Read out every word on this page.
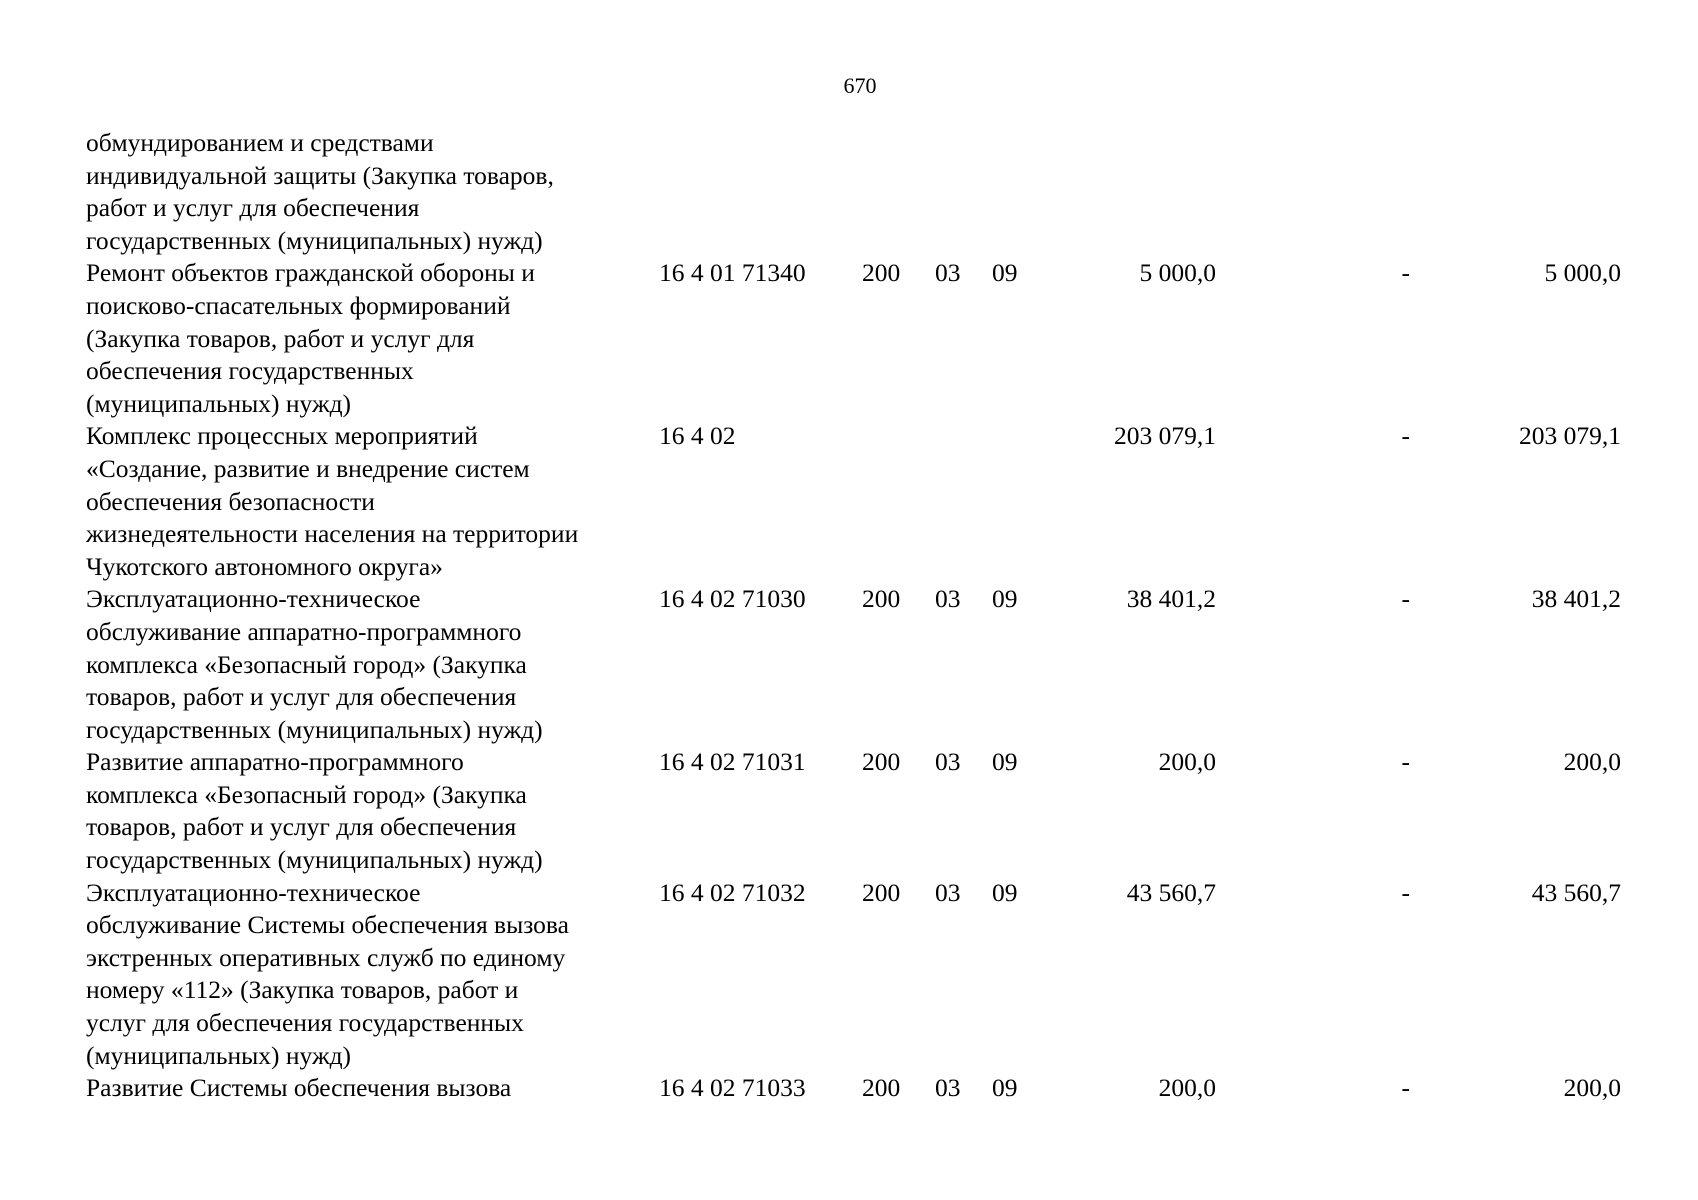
670
обмундированием и средствами
индивидуальной защиты (Закупка товаров,
работ и услуг для обеспечения
государственных (муниципальных) нужд)
Ремонт объектов гражданской обороны и
поисково-спасательных формирований
(Закупка товаров, работ и услуг для
обеспечения государственных
(муниципальных) нужд)
16 4 01 71340 200 03 09	5 000,0	-	5 000,0
Комплекс процессных мероприятий
«Создание, развитие и внедрение систем
обеспечения безопасности
жизнедеятельности населения на территории
Чукотского автономного округа»
16 4 02	203 079,1	-	203 079,1
Эксплуатационно-техническое
обслуживание аппаратно-программного
комплекса «Безопасный город» (Закупка
товаров, работ и услуг для обеспечения
государственных (муниципальных) нужд)
16 4 02 71030 200 03 09	38 401,2	-	38 401,2
Развитие аппаратно-программного
комплекса «Безопасный город» (Закупка
товаров, работ и услуг для обеспечения
государственных (муниципальных) нужд)
16 4 02 71031 200 03 09	200,0	-	200,0
Эксплуатационно-техническое
обслуживание Системы обеспечения вызова
экстренных оперативных служб по единому
номеру «112» (Закупка товаров, работ и
услуг для обеспечения государственных
(муниципальных) нужд)
16 4 02 71032 200 03 09	43 560,7	-	43 560,7
Развитие Системы обеспечения вызова	16 4 02 71033 200 03 09	200,0	-	200,0
